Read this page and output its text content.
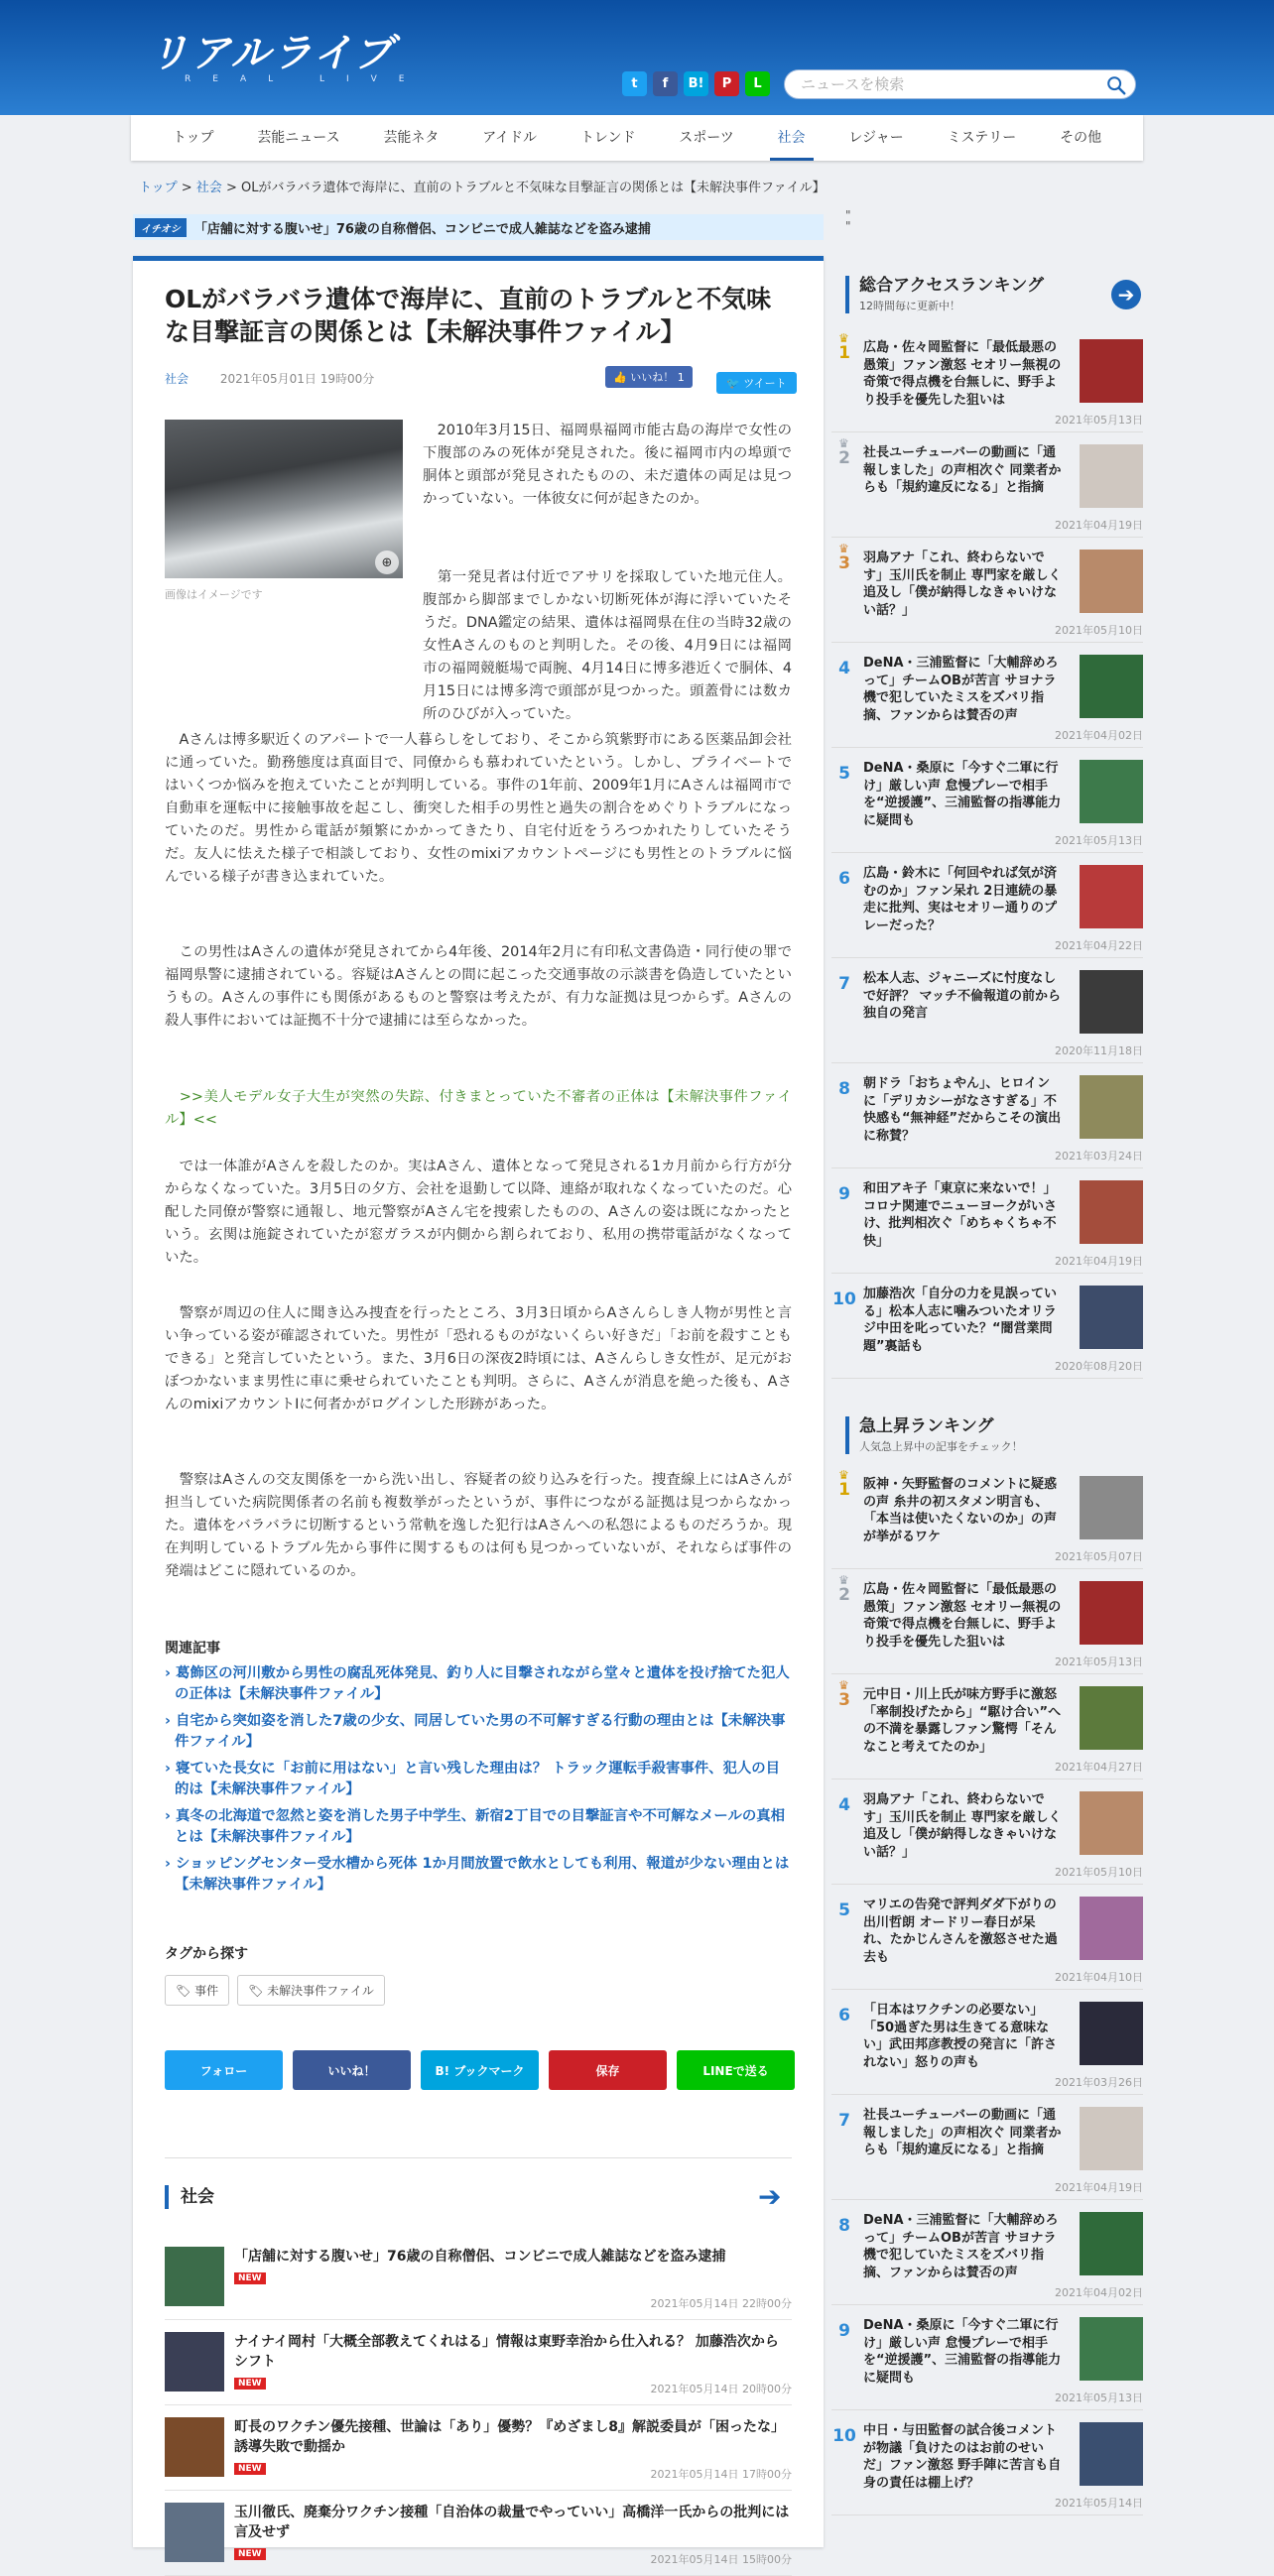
リアルライブ
REAL LIVE	t	f	B!	P	L
ニュースを検索
トップ	芸能ニュース	芸能ネタ	アイドル	トレンド	スポーツ	社会	レジャー	ミステリー	その他
トップ > 社会 > OLがバラバラ遺体で海岸に、直前のトラブルと不気味な目撃証言の関係とは【未解決事件ファイル】
イチオシ	「店舗に対する腹いせ」76歳の自称僧侶、コンビニで成人雑誌などを盗み逮捕
"
"
OLがバラバラ遺体で海岸に、直前のトラブルと不気味な目撃証言の関係とは【未解決事件ファイル】
社会	2021年05月01日 19時00分	👍 いいね！ 1	🐦 ツイート
⊕
画像はイメージです

　2010年3月15日、福岡県福岡市能古島の海岸で女性の下腹部のみの死体が発見された。後に福岡市内の埠頭で胴体と頭部が発見されたものの、未だ遺体の両足は見つかっていない。一体彼女に何が起きたのか。

　第一発見者は付近でアサリを採取していた地元住人。腹部から脚部までしかない切断死体が海に浮いていたそうだ。DNA鑑定の結果、遺体は福岡県在住の当時32歳の女性Aさんのものと判明した。その後、4月9日には福岡市の福岡競艇場で両腕、4月14日に博多港近くで胴体、4月15日には博多湾で頭部が見つかった。頭蓋骨には数カ所のひびが入っていた。

　Aさんは博多駅近くのアパートで一人暮らしをしており、そこから筑紫野市にある医薬品卸会社に通っていた。勤務態度は真面目で、同僚からも慕われていたという。しかし、プライベートではいくつか悩みを抱えていたことが判明している。事件の1年前、2009年1月にAさんは福岡市で自動車を運転中に接触事故を起こし、衝突した相手の男性と過失の割合をめぐりトラブルになっていたのだ。男性から電話が頻繁にかかってきたり、自宅付近をうろつかれたりしていたそうだ。友人に怯えた様子で相談しており、女性のmixiアカウントページにも男性とのトラブルに悩んでいる様子が書き込まれていた。

　この男性はAさんの遺体が発見されてから4年後、2014年2月に有印私文書偽造・同行使の罪で福岡県警に逮捕されている。容疑はAさんとの間に起こった交通事故の示談書を偽造していたというもの。Aさんの事件にも関係があるものと警察は考えたが、有力な証拠は見つからず。Aさんの殺人事件においては証拠不十分で逮捕には至らなかった。

　>>美人モデル女子大生が突然の失踪、付きまとっていた不審者の正体は【未解決事件ファイル】<<

　では一体誰がAさんを殺したのか。実はAさん、遺体となって発見される1カ月前から行方が分からなくなっていた。3月5日の夕方、会社を退勤して以降、連絡が取れなくなっていたのだ。心配した同僚が警察に通報し、地元警察がAさん宅を捜索したものの、Aさんの姿は既になかったという。玄関は施錠されていたが窓ガラスが内側から割られており、私用の携帯電話がなくなっていた。

　警察が周辺の住人に聞き込み捜査を行ったところ、3月3日頃からAさんらしき人物が男性と言い争っている姿が確認されていた。男性が「恐れるものがないくらい好きだ」「お前を殺すこともできる」と発言していたという。また、3月6日の深夜2時頃には、Aさんらしき女性が、足元がおぼつかないまま男性に車に乗せられていたことも判明。さらに、Aさんが消息を絶った後も、AさんのmixiアカウントIに何者かがログインした形跡があった。

　警察はAさんの交友関係を一から洗い出し、容疑者の絞り込みを行った。捜査線上にはAさんが担当していた病院関係者の名前も複数挙がったというが、事件につながる証拠は見つからなかった。遺体をバラバラに切断するという常軌を逸した犯行はAさんへの私怨によるものだろうか。現在判明しているトラブル先から事件に関するものは何も見つかっていないが、それならば事件の発端はどこに隠れているのか。

関連記事
› 葛飾区の河川敷から男性の腐乱死体発見、釣り人に目撃されながら堂々と遺体を投げ捨てた犯人の正体は【未解決事件ファイル】
› 自宅から突如姿を消した7歳の少女、同居していた男の不可解すぎる行動の理由とは【未解決事件ファイル】
› 寝ていた長女に「お前に用はない」と言い残した理由は？ トラック運転手殺害事件、犯人の目的は【未解決事件ファイル】
› 真冬の北海道で忽然と姿を消した男子中学生、新宿2丁目での目撃証言や不可解なメールの真相とは【未解決事件ファイル】
› ショッピングセンター受水槽から死体 1か月間放置で飲水としても利用、報道が少ない理由とは【未解決事件ファイル】
タグから探す
🏷 事件	🏷 未解決事件ファイル
フォロー	いいね！	B! ブックマーク	保存	LINEで送る
社会	➔
「店舗に対する腹いせ」76歳の自称僧侶、コンビニで成人雑誌などを盗み逮捕
NEW
2021年05月14日 22時00分
ナイナイ岡村「大概全部教えてくれはる」情報は東野幸治から仕入れる？ 加藤浩次からシフト
NEW	2021年05月14日 20時00分
町長のワクチン優先接種、世論は「あり」優勢？『めざまし8』解説委員が「困ったな」誘導失敗で動揺か
NEW	2021年05月14日 17時00分
玉川徹氏、廃棄分ワクチン接種「自治体の裁量でやっていい」高橋洋一氏からの批判には言及せず
NEW	2021年05月14日 15時00分
総合アクセスランキング
12時間毎に更新中！	➔
♛
1	広島・佐々岡監督に「最低最悪の愚策」ファン激怒 セオリー無視の奇策で得点機を台無しに、野手より投手を優先した狙いは
2021年05月13日
♛
2	社長ユーチューバーの動画に「通報しました」の声相次ぐ 同業者からも「規約違反になる」と指摘
2021年04月19日
♛
3	羽鳥アナ「これ、終わらないです」玉川氏を制止 専門家を厳しく追及し「僕が納得しなきゃいけない話？」
2021年05月10日
4	DeNA・三浦監督に「大輔辞めろって」チームOBが苦言 サヨナラ機で犯していたミスをズバリ指摘、ファンからは賛否の声
2021年04月02日
5	DeNA・桑原に「今すぐ二軍に行け」厳しい声 怠慢プレーで相手を“逆援護”、三浦監督の指導能力に疑問も
2021年05月13日
6	広島・鈴木に「何回やれば気が済むのか」ファン呆れ 2日連続の暴走に批判、実はセオリー通りのプレーだった？
2021年04月22日
7	松本人志、ジャニーズに忖度なしで好評？ マッチ不倫報道の前から独自の発言
2020年11月18日
8	朝ドラ「おちょやん」、ヒロインに「デリカシーがなさすぎる」不快感も“無神経”だからこその演出に称賛？
2021年03月24日
9	和田アキ子「東京に来ないで！」コロナ関連でニューヨークがいさけ、批判相次ぐ「めちゃくちゃ不快」
2021年04月19日
10 加藤浩次「自分の力を見誤っている」松本人志に噛みついたオリラジ中田を叱っていた？“闇営業問題”裏話も
2020年08月20日
急上昇ランキング
人気急上昇中の記事をチェック！
♛
1	阪神・矢野監督のコメントに疑惑の声 糸井の初スタメン明言も、「本当は使いたくないのか」の声が挙がるワケ
2021年05月07日
♛
2	広島・佐々岡監督に「最低最悪の愚策」ファン激怒 セオリー無視の奇策で得点機を台無しに、野手より投手を優先した狙いは
2021年05月13日
♛
3	元中日・川上氏が味方野手に激怒「率制投げたから」“駆け合い”への不満を暴露しファン驚愕「そんなこと考えてたのか」
2021年04月27日
4	羽鳥アナ「これ、終わらないです」玉川氏を制止 専門家を厳しく追及し「僕が納得しなきゃいけない話？」
2021年05月10日
5	マリエの告発で評判ダダ下がりの出川哲朗 オードリー春日が呆れ、たかじんさんを激怒させた過去も
2021年04月10日
6	「日本はワクチンの必要ない」「50過ぎた男は生きてる意味ない」武田邦彦教授の発言に「許されない」怒りの声も
2021年03月26日
7	社長ユーチューバーの動画に「通報しました」の声相次ぐ 同業者からも「規約違反になる」と指摘
2021年04月19日
8	DeNA・三浦監督に「大輔辞めろって」チームOBが苦言 サヨナラ機で犯していたミスをズバリ指摘、ファンからは賛否の声
2021年04月02日
9	DeNA・桑原に「今すぐ二軍に行け」厳しい声 怠慢プレーで相手を“逆援護”、三浦監督の指導能力に疑問も
2021年05月13日
10 中日・与田監督の試合後コメントが物議「負けたのはお前のせいだ」ファン激怒 野手陣に苦言も自身の責任は棚上げ？
2021年05月14日
